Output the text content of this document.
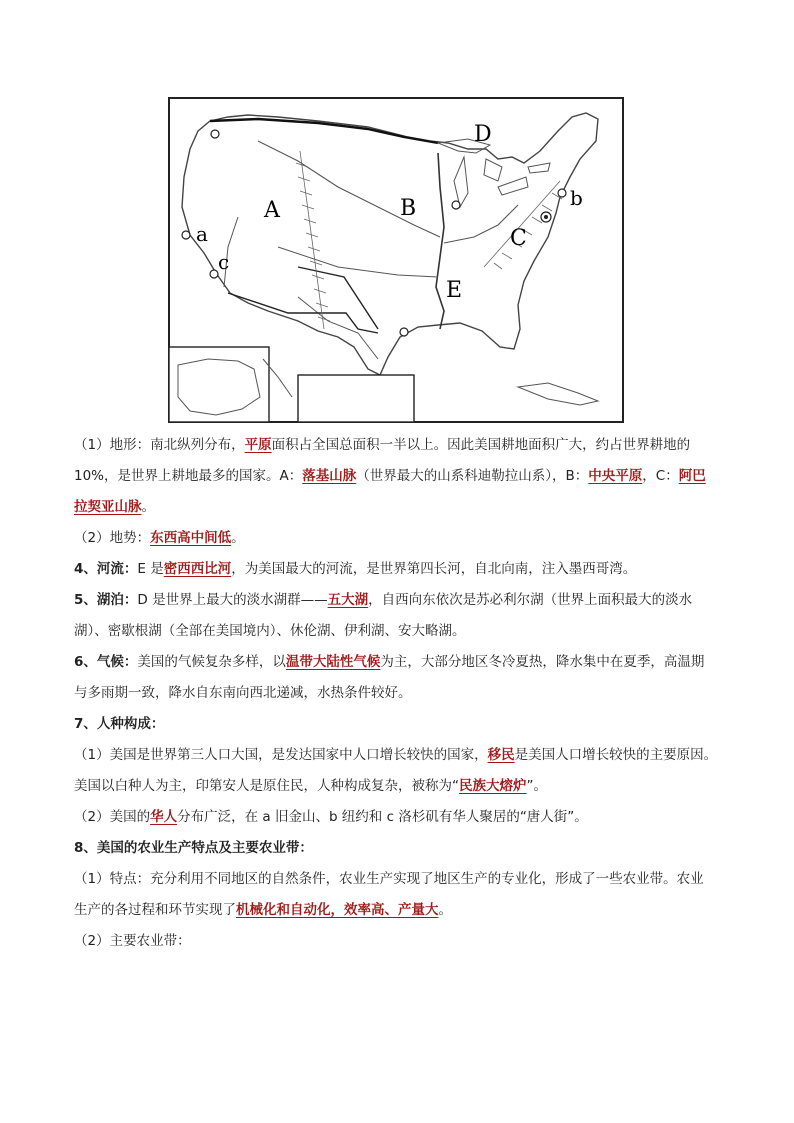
A	B
C
D
E
a
b
c
（1）地形：南北纵列分布，平原面积占全国总面积一半以上。因此美国耕地面积广大，约占世界耕地的
10%，是世界上耕地最多的国家。A：落基山脉（世界最大的山系科迪勒拉山系），B：中央平原，C：阿巴
拉契亚山脉。
（2）地势：东西高中间低。
4、河流：E 是密西西比河，为美国最大的河流，是世界第四长河，自北向南，注入墨西哥湾。
5、湖泊：D 是世界上最大的淡水湖群——五大湖，自西向东依次是苏必利尔湖（世界上面积最大的淡水
湖）、密歇根湖（全部在美国境内）、休伦湖、伊利湖、安大略湖。
6、气候：美国的气候复杂多样，以温带大陆性气候为主，大部分地区冬冷夏热，降水集中在夏季，高温期
与多雨期一致，降水自东南向西北递减，水热条件较好。
7、人种构成：
（1）美国是世界第三人口大国，是发达国家中人口增长较快的国家，移民是美国人口增长较快的主要原因。
美国以白种人为主，印第安人是原住民，人种构成复杂，被称为“民族大熔炉”。
（2）美国的华人分布广泛，在 a 旧金山、b 纽约和 c 洛杉矶有华人聚居的“唐人街”。
8、美国的农业生产特点及主要农业带：
（1）特点：充分利用不同地区的自然条件，农业生产实现了地区生产的专业化，形成了一些农业带。农业
生产的各过程和环节实现了机械化和自动化，效率高、产量大。
（2）主要农业带：
